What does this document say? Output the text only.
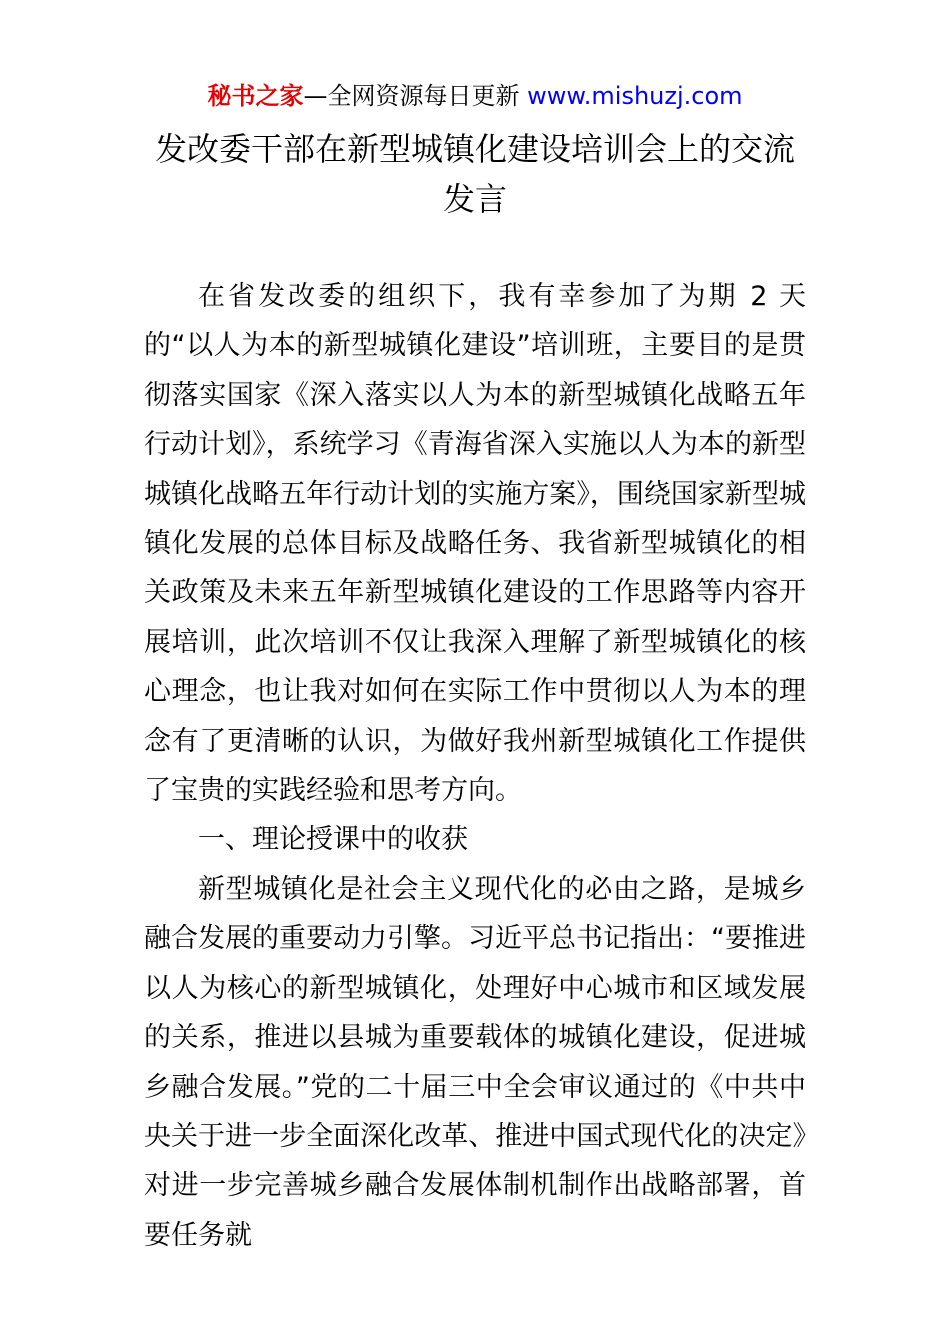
秘书之家—全网资源每日更新 www.mishuzj.com
发改委干部在新型城镇化建设培训会上的交流发言

在省发改委的组织下，我有幸参加了为期 2 天的“以人为本的新型城镇化建设”培训班，主要目的是贯彻落实国家《深入落实以人为本的新型城镇化战略五年行动计划》，系统学习《青海省深入实施以人为本的新型城镇化战略五年行动计划的实施方案》，围绕国家新型城镇化发展的总体目标及战略任务、我省新型城镇化的相关政策及未来五年新型城镇化建设的工作思路等内容开展培训，此次培训不仅让我深入理解了新型城镇化的核心理念，也让我对如何在实际工作中贯彻以人为本的理念有了更清晰的认识，为做好我州新型城镇化工作提供了宝贵的实践经验和思考方向。

一、理论授课中的收获

新型城镇化是社会主义现代化的必由之路，是城乡融合发展的重要动力引擎。习近平总书记指出：“要推进以人为核心的新型城镇化，处理好中心城市和区域发展的关系，推进以县城为重要载体的城镇化建设，促进城乡融合发展。”党的二十届三中全会审议通过的《中共中央关于进一步全面深化改革、推进中国式现代化的决定》对进一步完善城乡融合发展体制机制作出战略部署，首要任务就
